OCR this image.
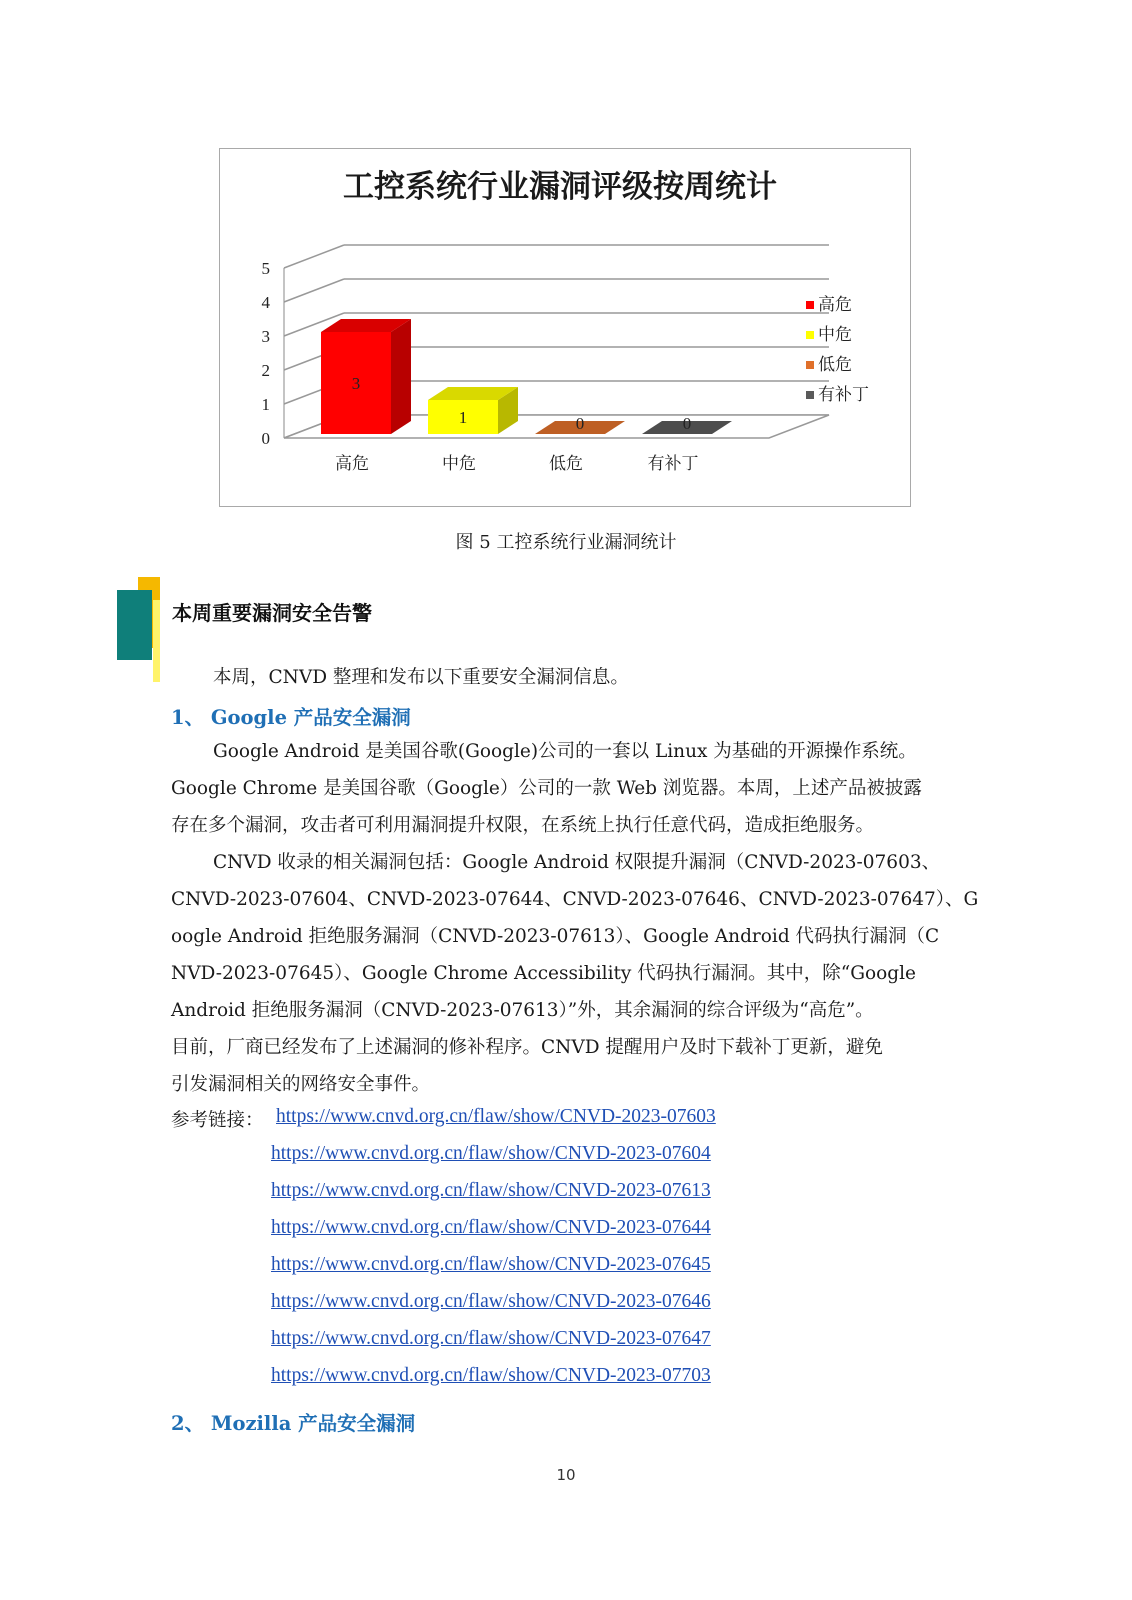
工控系统行业漏洞评级按周统计
0
1
2
3
4
5
3
1	0	0
高危	中危	低危	有补丁
高危
中危
低危
有补丁
图 5 工控系统行业漏洞统计
本周重要漏洞安全告警

本周，CNVD 整理和发布以下重要安全漏洞信息。

1、 Google 产品安全漏洞

Google Android 是美国谷歌(Google)公司的一套以 Linux 为基础的开源操作系统。

Google Chrome 是美国谷歌（Google）公司的一款 Web 浏览器。本周，上述产品被披露

存在多个漏洞，攻击者可利用漏洞提升权限，在系统上执行任意代码，造成拒绝服务。

CNVD 收录的相关漏洞包括：Google Android 权限提升漏洞（CNVD-2023-07603、

CNVD-2023-07604、CNVD-2023-07644、CNVD-2023-07646、CNVD-2023-07647）、G

oogle Android 拒绝服务漏洞（CNVD-2023-07613）、Google Android 代码执行漏洞（C

NVD-2023-07645）、Google Chrome Accessibility 代码执行漏洞。其中，除“Google

Android 拒绝服务漏洞（CNVD-2023-07613）”外，其余漏洞的综合评级为“高危”。

目前，厂商已经发布了上述漏洞的修补程序。CNVD 提醒用户及时下载补丁更新，避免

引发漏洞相关的网络安全事件。

参考链接： https://www.cnvd.org.cn/flaw/show/CNVD-2023-07603
https://www.cnvd.org.cn/flaw/show/CNVD-2023-07604
https://www.cnvd.org.cn/flaw/show/CNVD-2023-07613
https://www.cnvd.org.cn/flaw/show/CNVD-2023-07644
https://www.cnvd.org.cn/flaw/show/CNVD-2023-07645
https://www.cnvd.org.cn/flaw/show/CNVD-2023-07646
https://www.cnvd.org.cn/flaw/show/CNVD-2023-07647
https://www.cnvd.org.cn/flaw/show/CNVD-2023-07703
2、 Mozilla 产品安全漏洞
10
